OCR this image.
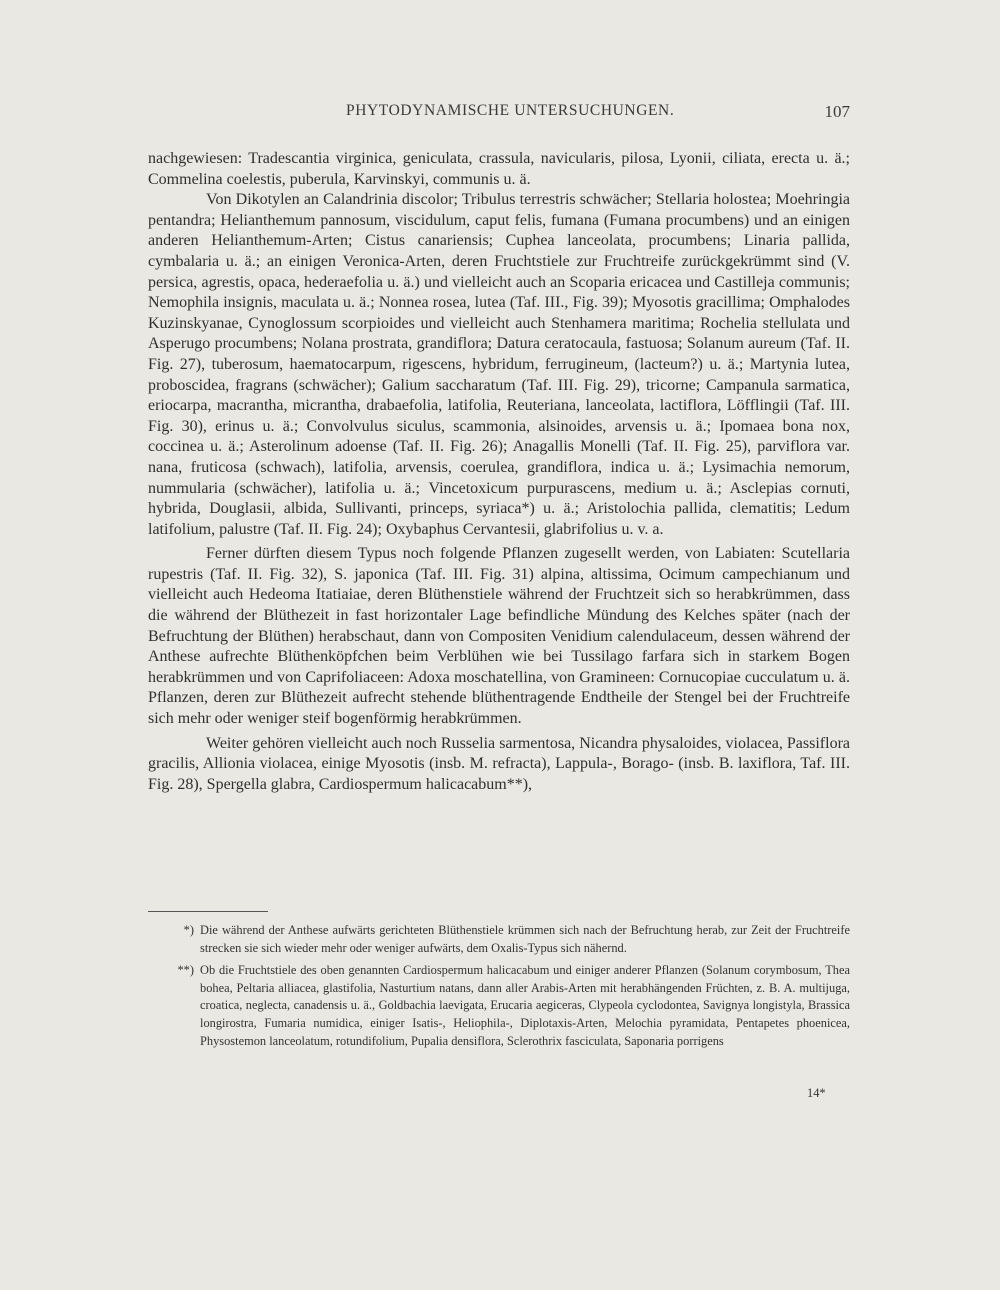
PHYTODYNAMISCHE UNTERSUCHUNGEN.	107

nachgewiesen: Tradescantia virginica, geniculata, crassula, navicularis, pilosa, Lyonii, ciliata, erecta u. ä.; Commelina coelestis, puberula, Karvinskyi, communis u. ä.

Von Dikotylen an Calandrinia discolor; Tribulus terrestris schwächer; Stellaria holostea; Moehringia pentandra; Helianthemum pannosum, viscidulum, caput felis, fumana (Fumana procumbens) und an einigen anderen Helianthemum-Arten; Cistus canariensis; Cuphea lanceolata, procumbens; Linaria pallida, cymbalaria u. ä.; an einigen Veronica-Arten, deren Fruchtstiele zur Fruchtreife zurückgekrümmt sind (V. persica, agrestis, opaca, hederaefolia u. ä.) und vielleicht auch an Scoparia ericacea und Castilleja communis; Nemophila insignis, maculata u. ä.; Nonnea rosea, lutea (Taf. III., Fig. 39); Myosotis gracillima; Omphalodes Kuzinskyanae, Cynoglossum scorpioides und vielleicht auch Stenhamera maritima; Rochelia stellulata und Asperugo procumbens; Nolana prostrata, grandiflora; Datura ceratocaula, fastuosa; Solanum aureum (Taf. II. Fig. 27), tuberosum, haematocarpum, rigescens, hybridum, ferrugineum, (lacteum?) u. ä.; Martynia lutea, proboscidea, fragrans (schwächer); Galium saccharatum (Taf. III. Fig. 29), tricorne; Campanula sarmatica, eriocarpa, macrantha, micrantha, drabaefolia, latifolia, Reuteriana, lanceolata, lactiflora, Löfflingii (Taf. III. Fig. 30), erinus u. ä.; Convolvulus siculus, scammonia, alsinoides, arvensis u. ä.; Ipomaea bona nox, coccinea u. ä.; Asterolinum adoense (Taf. II. Fig. 26); Anagallis Monelli (Taf. II. Fig. 25), parviflora var. nana, fruticosa (schwach), latifolia, arvensis, coerulea, grandiflora, indica u. ä.; Lysimachia nemorum, nummularia (schwächer), latifolia u. ä.; Vincetoxicum purpurascens, medium u. ä.; Asclepias cornuti, hybrida, Douglasii, albida, Sullivanti, princeps, syriaca*) u. ä.; Aristolochia pallida, clematitis; Ledum latifolium, palustre (Taf. II. Fig. 24); Oxybaphus Cervantesii, glabrifolius u. v. a.

Ferner dürften diesem Typus noch folgende Pflanzen zugesellt werden, von Labiaten: Scutellaria rupestris (Taf. II. Fig. 32), S. japonica (Taf. III. Fig. 31) alpina, altissima, Ocimum campechianum und vielleicht auch Hedeoma Itatiaiae, deren Blüthenstiele während der Fruchtzeit sich so herabkrümmen, dass die während der Blüthezeit in fast horizontaler Lage befindliche Mündung des Kelches später (nach der Befruchtung der Blüthen) herabschaut, dann von Compositen Venidium calendulaceum, dessen während der Anthese aufrechte Blüthenköpfchen beim Verblühen wie bei Tussilago farfara sich in starkem Bogen herabkrümmen und von Caprifoliaceen: Adoxa moschatellina, von Gramineen: Cornucopiae cucculatum u. ä. Pflanzen, deren zur Blüthezeit aufrecht stehende blüthentragende Endtheile der Stengel bei der Fruchtreife sich mehr oder weniger steif bogenförmig herabkrümmen.

Weiter gehören vielleicht auch noch Russelia sarmentosa, Nicandra physaloides, violacea, Passiflora gracilis, Allionia violacea, einige Myosotis (insb. M. refracta), Lappula-, Borago- (insb. B. laxiflora, Taf. III. Fig. 28), Spergella glabra, Cardiospermum halicacabum**),

*) Die während der Anthese aufwärts gerichteten Blüthenstiele krümmen sich nach der Befruchtung herab, zur Zeit der Fruchtreife strecken sie sich wieder mehr oder weniger aufwärts, dem Oxalis-Typus sich nähernd.
**) Ob die Fruchtstiele des oben genannten Cardiospermum halicacabum und einiger anderer Pflanzen (Solanum corymbosum, Thea bohea, Peltaria alliacea, glastifolia, Nasturtium natans, dann aller Arabis-Arten mit herabhängenden Früchten, z. B. A. multijuga, croatica, neglecta, canadensis u. ä., Goldbachia laevigata, Erucaria aegiceras, Clypeola cyclodontea, Savignya longistyla, Brassica longirostra, Fumaria numidica, einiger Isatis-, Heliophila-, Diplotaxis-Arten, Melochia pyramidata, Pentapetes phoenicea, Physostemon lanceolatum, rotundifolium, Pupalia densiflora, Sclerothrix fasciculata, Saponaria porrigens
14*
